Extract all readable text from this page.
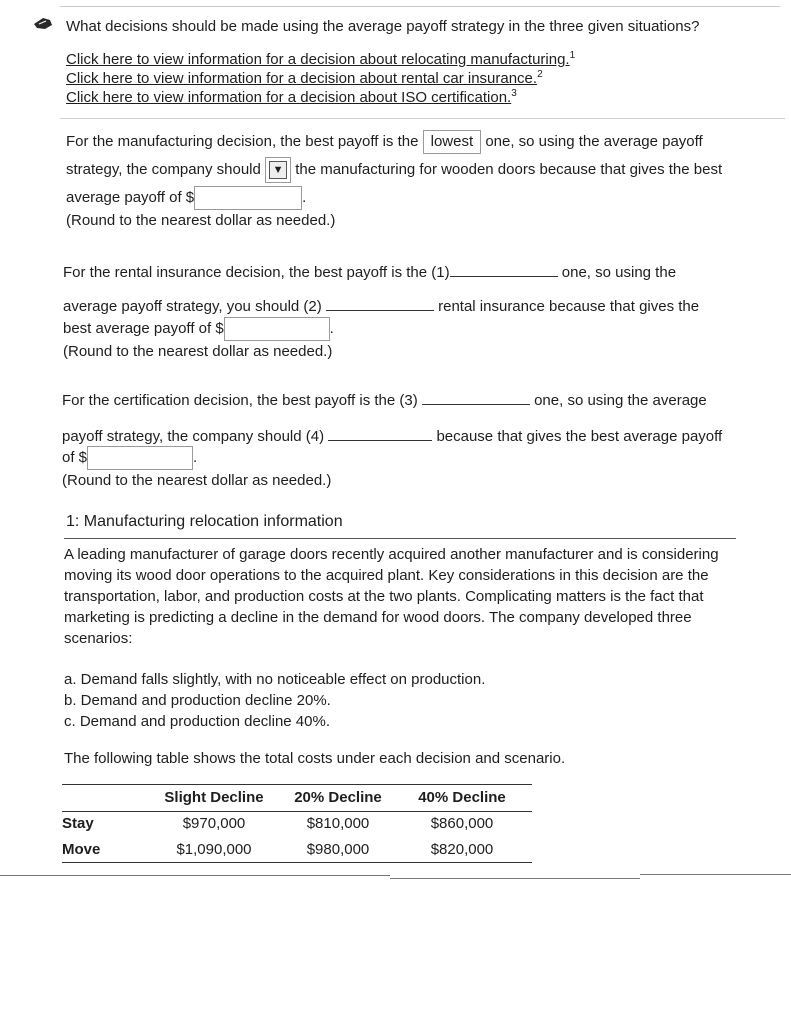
What decisions should be made using the average payoff strategy in the three given situations?
Click here to view information for a decision about relocating manufacturing.$^1$
Click here to view information for a decision about rental car insurance.$^2$
Click here to view information for a decision about ISO certification.$^3$
For the manufacturing decision, the best payoff is the lowest one, so using the average payoff
strategy, the company should	▼ the manufacturing for wooden doors because that gives the best
average payoff of $	.
(Round to the nearest dollar as needed.)
For the rental insurance decision, the best payoff is the (1)	one, so using the
average payoff strategy, you should (2)	rental insurance because that gives the
best average payoff of $	.
(Round to the nearest dollar as needed.)
For the certification decision, the best payoff is the (3)	one, so using the average
payoff strategy, the company should (4)	because that gives the best average payoff
of $	.
(Round to the nearest dollar as needed.)
1: Manufacturing relocation information
A leading manufacturer of garage doors recently acquired another manufacturer and is considering
moving its wood door operations to the acquired plant. Key considerations in this decision are the
transportation, labor, and production costs at the two plants. Complicating matters is the fact that
marketing is predicting a decline in the demand for wood doors. The company developed three
scenarios:
a. Demand falls slightly, with no noticeable effect on production.
b. Demand and production decline 20%.
c. Demand and production decline 40%.
The following table shows the total costs under each decision and scenario.
	Slight Decline	20% Decline	40% Decline
Stay	$970,000	$810,000	$860,000
Move	$1,090,000	$980,000	$820,000
